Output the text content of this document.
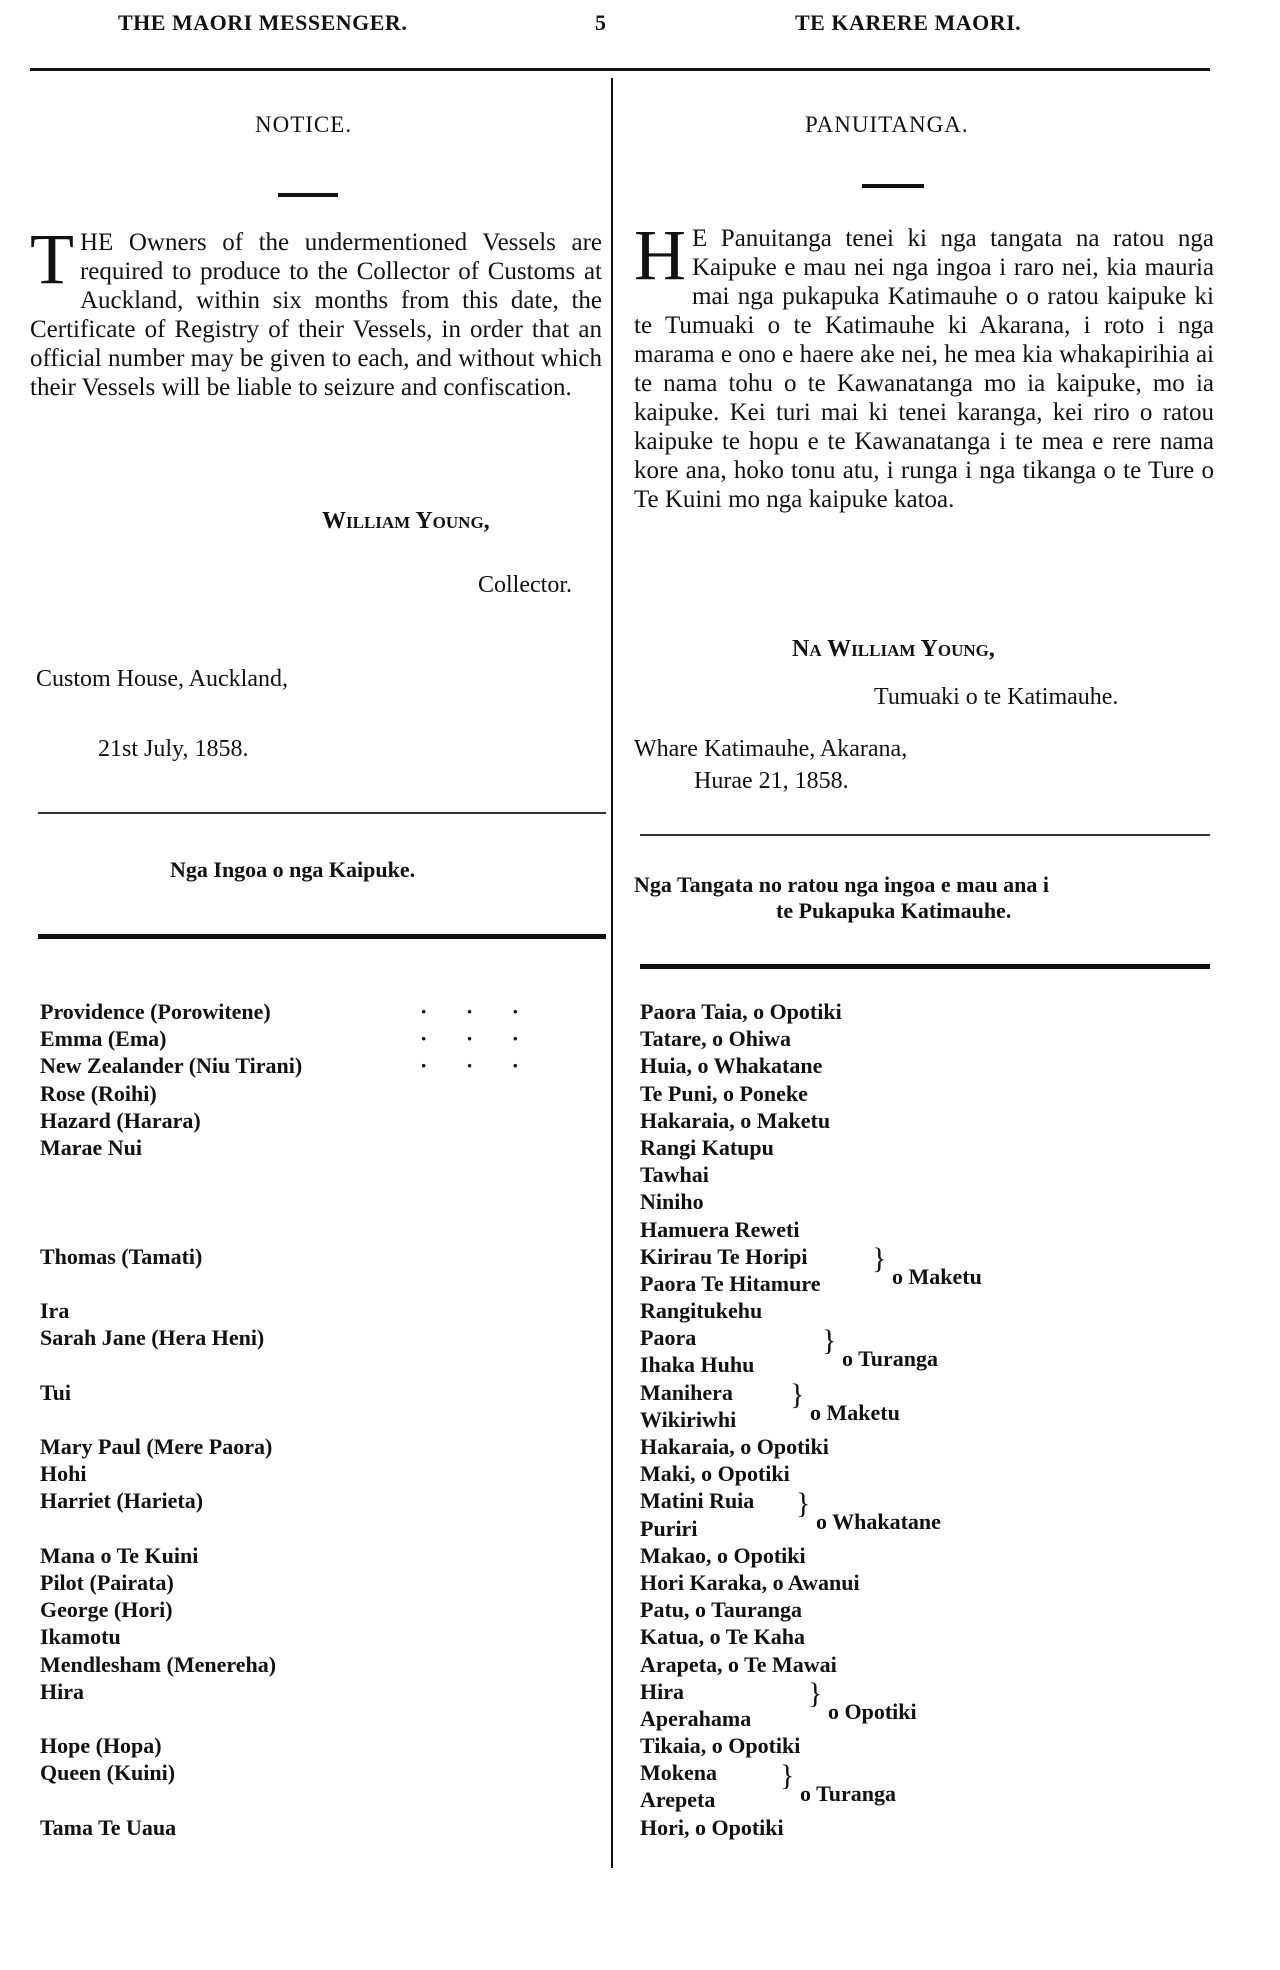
THE MAORI MESSENGER.	5	TE KARERE MAORI.
NOTICE.
THE Owners of the undermentioned Vessels are required to produce to the Collector of Customs at Auckland, within six months from this date, the Certificate of Registry of their Vessels, in order that an official number may be given to each, and without which their Vessels will be liable to seizure and confiscation.
William Young,
Collector.
Custom House, Auckland,
21st July, 1858.
Nga Ingoa o nga Kaipuke.
Providence (Porowitene)
Emma (Ema)
New Zealander (Niu Tirani)
Rose (Roihi)
Hazard (Harara)
Marae Nui
Thomas (Tamati)
Ira
Sarah Jane (Hera Heni)
Tui
Mary Paul (Mere Paora)
Hohi
Harriet (Harieta)
Mana o Te Kuini
Pilot (Pairata)
George (Hori)
Ikamotu
Mendlesham (Menereha)
Hira
Hope (Hopa)
Queen (Kuini)
Tama Te Uaua
·       ·       ·
·       ·       ·
·       ·       ·
PANUITANGA.
H E Panuitanga tenei ki nga tangata na ratou nga Kaipuke e mau nei nga ingoa i raro nei, kia mauria mai nga pukapuka Katimauhe o o ratou kaipuke ki te Tumuaki o te Katimauhe ki Akarana, i roto i nga marama e ono e haere ake nei, he mea kia whakapirihia ai te nama tohu o te Kawanatanga mo ia kaipuke, mo ia kaipuke. Kei turi mai ki tenei karanga, kei riro o ratou kaipuke te hopu e te Kawanatanga i te mea e rere nama kore ana, hoko tonu atu, i runga i nga tikanga o te Ture o Te Kuini mo nga kaipuke katoa.
Na William Young,
Tumuaki o te Katimauhe.
Whare Katimauhe, Akarana,
Hurae 21, 1858.
Nga Tangata no ratou nga ingoa e mau ana i
te Pukapuka Katimauhe.
Paora Taia, o Opotiki
Tatare, o Ohiwa
Huia, o Whakatane
Te Puni, o Poneke
Hakaraia, o Maketu
Rangi Katupu
Tawhai
Niniho
Hamuera Reweti
Kirirau Te Horipi
Paora Te Hitamure
Rangitukehu
Paora
Ihaka Huhu
Manihera
Wikiriwhi
Hakaraia, o Opotiki
Maki, o Opotiki
Matini Ruia
Puriri
Makao, o Opotiki
Hori Karaka, o Awanui
Patu, o Tauranga
Katua, o Te Kaha
Arapeta, o Te Mawai
Hira
Aperahama
Tikaia, o Opotiki
Mokena
Arepeta
Hori, o Opotiki
}
o Maketu
}
o Turanga
}
o Maketu
}
o Whakatane
}
o Opotiki
}
o Turanga
